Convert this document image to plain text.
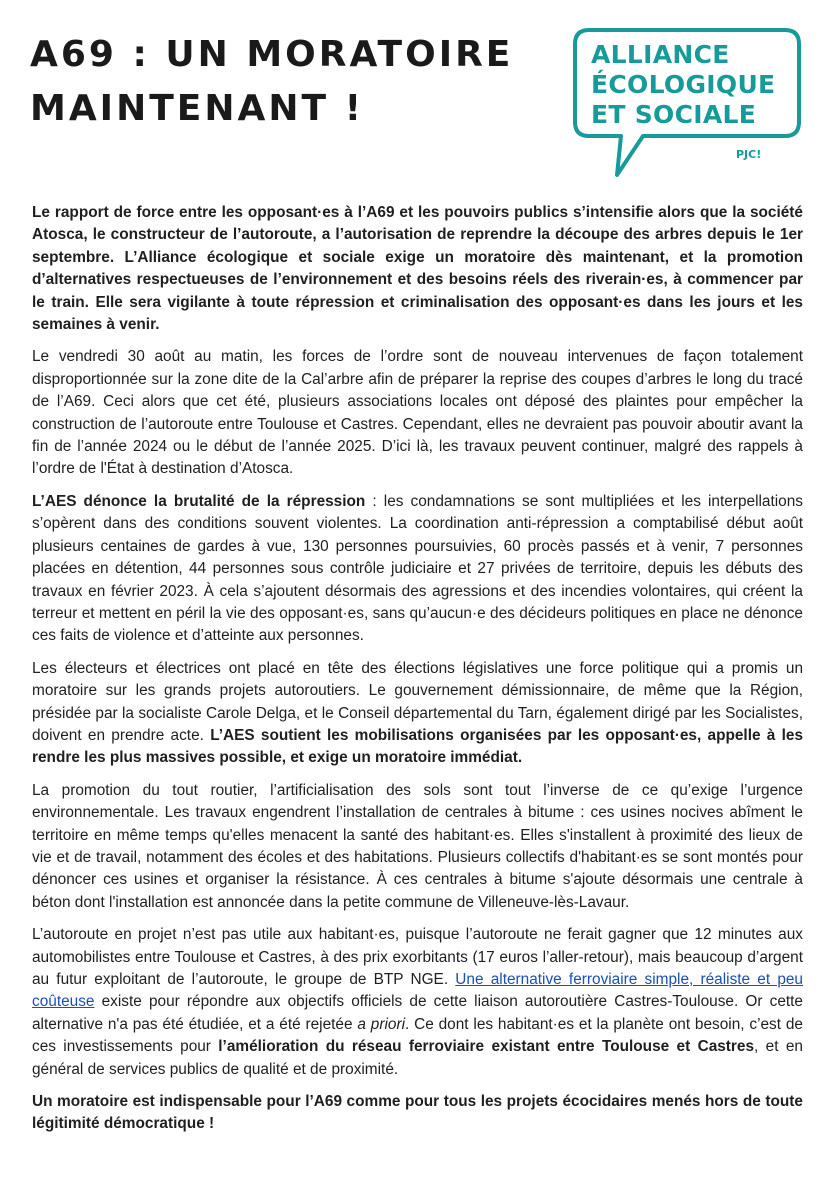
A69 : UN MORATOIRE
MAINTENANT !
ALLIANCE
ÉCOLOGIQUE
ET SOCIALE
PJC!

Le rapport de force entre les opposant·es à l’A69 et les pouvoirs publics s’intensifie alors que la société Atosca, le constructeur de l’autoroute, a l’autorisation de reprendre la découpe des arbres depuis le 1er septembre. L’Alliance écologique et sociale exige un moratoire dès maintenant, et la promotion d’alternatives respectueuses de l’environnement et des besoins réels des riverain·es, à commencer par le train. Elle sera vigilante à toute répression et criminalisation des opposant·es dans les jours et les semaines à venir.

Le vendredi 30 août au matin, les forces de l’ordre sont de nouveau intervenues de façon totalement disproportionnée sur la zone dite de la Cal’arbre afin de préparer la reprise des coupes d’arbres le long du tracé de l’A69. Ceci alors que cet été, plusieurs associations locales ont déposé des plaintes pour empêcher la construction de l’autoroute entre Toulouse et Castres. Cependant, elles ne devraient pas pouvoir aboutir avant la fin de l’année 2024 ou le début de l’année 2025. D’ici là, les travaux peuvent continuer, malgré des rappels à l’ordre de l'État à destination d’Atosca.

L’AES dénonce la brutalité de la répression : les condamnations se sont multipliées et les interpellations s’opèrent dans des conditions souvent violentes. La coordination anti-répression a comptabilisé début août plusieurs centaines de gardes à vue, 130 personnes poursuivies, 60 procès passés et à venir, 7 personnes placées en détention, 44 personnes sous contrôle judiciaire et 27 privées de territoire, depuis les débuts des travaux en février 2023. À cela s’ajoutent désormais des agressions et des incendies volontaires, qui créent la terreur et mettent en péril la vie des opposant·es, sans qu’aucun·e des décideurs politiques en place ne dénonce ces faits de violence et d’atteinte aux personnes.

Les électeurs et électrices ont placé en tête des élections législatives une force politique qui a promis un moratoire sur les grands projets autoroutiers. Le gouvernement démissionnaire, de même que la Région, présidée par la socialiste Carole Delga, et le Conseil départemental du Tarn, également dirigé par les Socialistes, doivent en prendre acte. L’AES soutient les mobilisations organisées par les opposant·es, appelle à les rendre les plus massives possible, et exige un moratoire immédiat.

La promotion du tout routier, l’artificialisation des sols sont tout l’inverse de ce qu’exige l’urgence environnementale. Les travaux engendrent l’installation de centrales à bitume : ces usines nocives abîment le territoire en même temps qu'elles menacent la santé des habitant·es. Elles s'installent à proximité des lieux de vie et de travail, notamment des écoles et des habitations. Plusieurs collectifs d'habitant·es se sont montés pour dénoncer ces usines et organiser la résistance. À ces centrales à bitume s'ajoute désormais une centrale à béton dont l'installation est annoncée dans la petite commune de Villeneuve-lès-Lavaur.

L’autoroute en projet n’est pas utile aux habitant·es, puisque l’autoroute ne ferait gagner que 12 minutes aux automobilistes entre Toulouse et Castres, à des prix exorbitants (17 euros l’aller-retour), mais beaucoup d’argent au futur exploitant de l’autoroute, le groupe de BTP NGE. Une alternative ferroviaire simple, réaliste et peu coûteuse existe pour répondre aux objectifs officiels de cette liaison autoroutière Castres-Toulouse. Or cette alternative n'a pas été étudiée, et a été rejetée a priori. Ce dont les habitant·es et la planète ont besoin, c’est de ces investissements pour l’amélioration du réseau ferroviaire existant entre Toulouse et Castres, et en général de services publics de qualité et de proximité.

Un moratoire est indispensable pour l’A69 comme pour tous les projets écocidaires menés hors de toute légitimité démocratique !
